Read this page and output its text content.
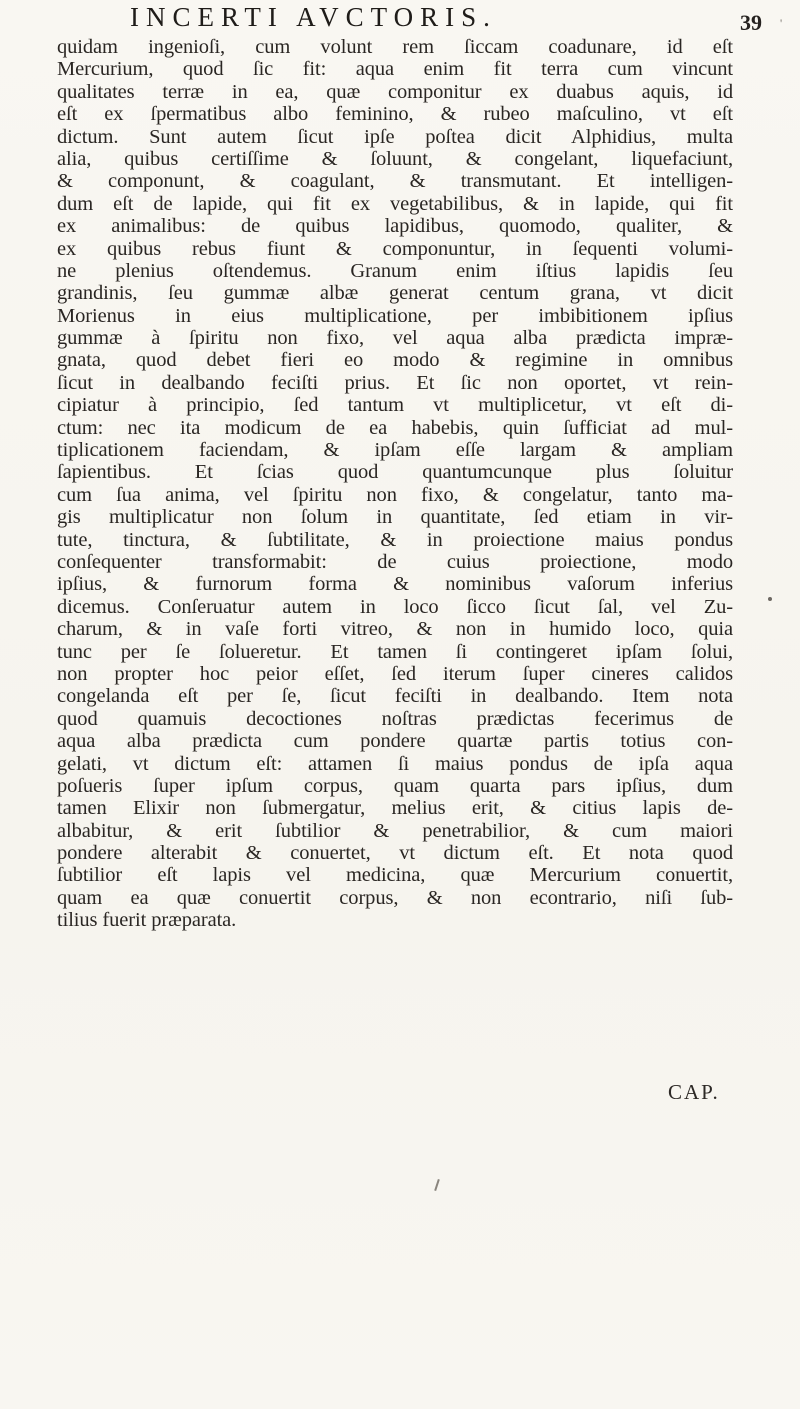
INCERTI AVCTORIS.	39 '
quidam ingenioſi, cum volunt rem ſiccam coadunare, id eſt
Mercurium, quod ſic fit: aqua enim fit terra cum vincunt
qualitates terræ in ea, quæ componitur ex duabus aquis, id
eſt ex ſpermatibus albo feminino, & rubeo maſculino, vt eſt
dictum. Sunt autem ſicut ipſe poſtea dicit Alphidius, multa
alia, quibus certiſſime & ſoluunt, & congelant, liquefaciunt,
& componunt, & coagulant, & transmutant. Et intelligen-
dum eſt de lapide, qui fit ex vegetabilibus, & in lapide, qui fit
ex animalibus: de quibus lapidibus, quomodo, qualiter, &
ex quibus rebus fiunt & componuntur, in ſequenti volumi-
ne plenius oſtendemus. Granum enim iſtius lapidis ſeu
grandinis, ſeu gummæ albæ generat centum grana, vt dicit
Morienus in eius multiplicatione, per imbibitionem ipſius
gummæ à ſpiritu non fixo, vel aqua alba prædicta impræ-
gnata, quod debet fieri eo modo & regimine in omnibus
ſicut in dealbando feciſti prius. Et ſic non oportet, vt rein-
cipiatur à principio, ſed tantum vt multiplicetur, vt eſt di-
ctum: nec ita modicum de ea habebis, quin ſufficiat ad mul-
tiplicationem faciendam, & ipſam eſſe largam & ampliam
ſapientibus. Et ſcias quod quantumcunque plus ſoluitur
cum ſua anima, vel ſpiritu non fixo, & congelatur, tanto ma-
gis multiplicatur non ſolum in quantitate, ſed etiam in vir-
tute, tinctura, & ſubtilitate, & in proiectione maius pondus
conſequenter transformabit: de cuius proiectione, modo
ipſius, & furnorum forma & nominibus vaſorum inferius
dicemus. Conſeruatur autem in loco ſicco ſicut ſal, vel Zu-
charum, & in vaſe forti vitreo, & non in humido loco, quia
tunc per ſe ſolueretur. Et tamen ſi contingeret ipſam ſolui,
non propter hoc peior eſſet, ſed iterum ſuper cineres calidos
congelanda eſt per ſe, ſicut feciſti in dealbando. Item nota
quod quamuis decoctiones noſtras prædictas fecerimus de
aqua alba prædicta cum pondere quartæ partis totius con-
gelati, vt dictum eſt: attamen ſi maius pondus de ipſa aqua
poſueris ſuper ipſum corpus, quam quarta pars ipſius, dum
tamen Elixir non ſubmergatur, melius erit, & citius lapis de-
albabitur, & erit ſubtilior & penetrabilior, & cum maiori
pondere alterabit & conuertet, vt dictum eſt. Et nota quod
ſubtilior eſt lapis vel medicina, quæ Mercurium conuertit,
quam ea quæ conuertit corpus, & non econtrario, niſi ſub-
tilius fuerit præparata.
CAP.
